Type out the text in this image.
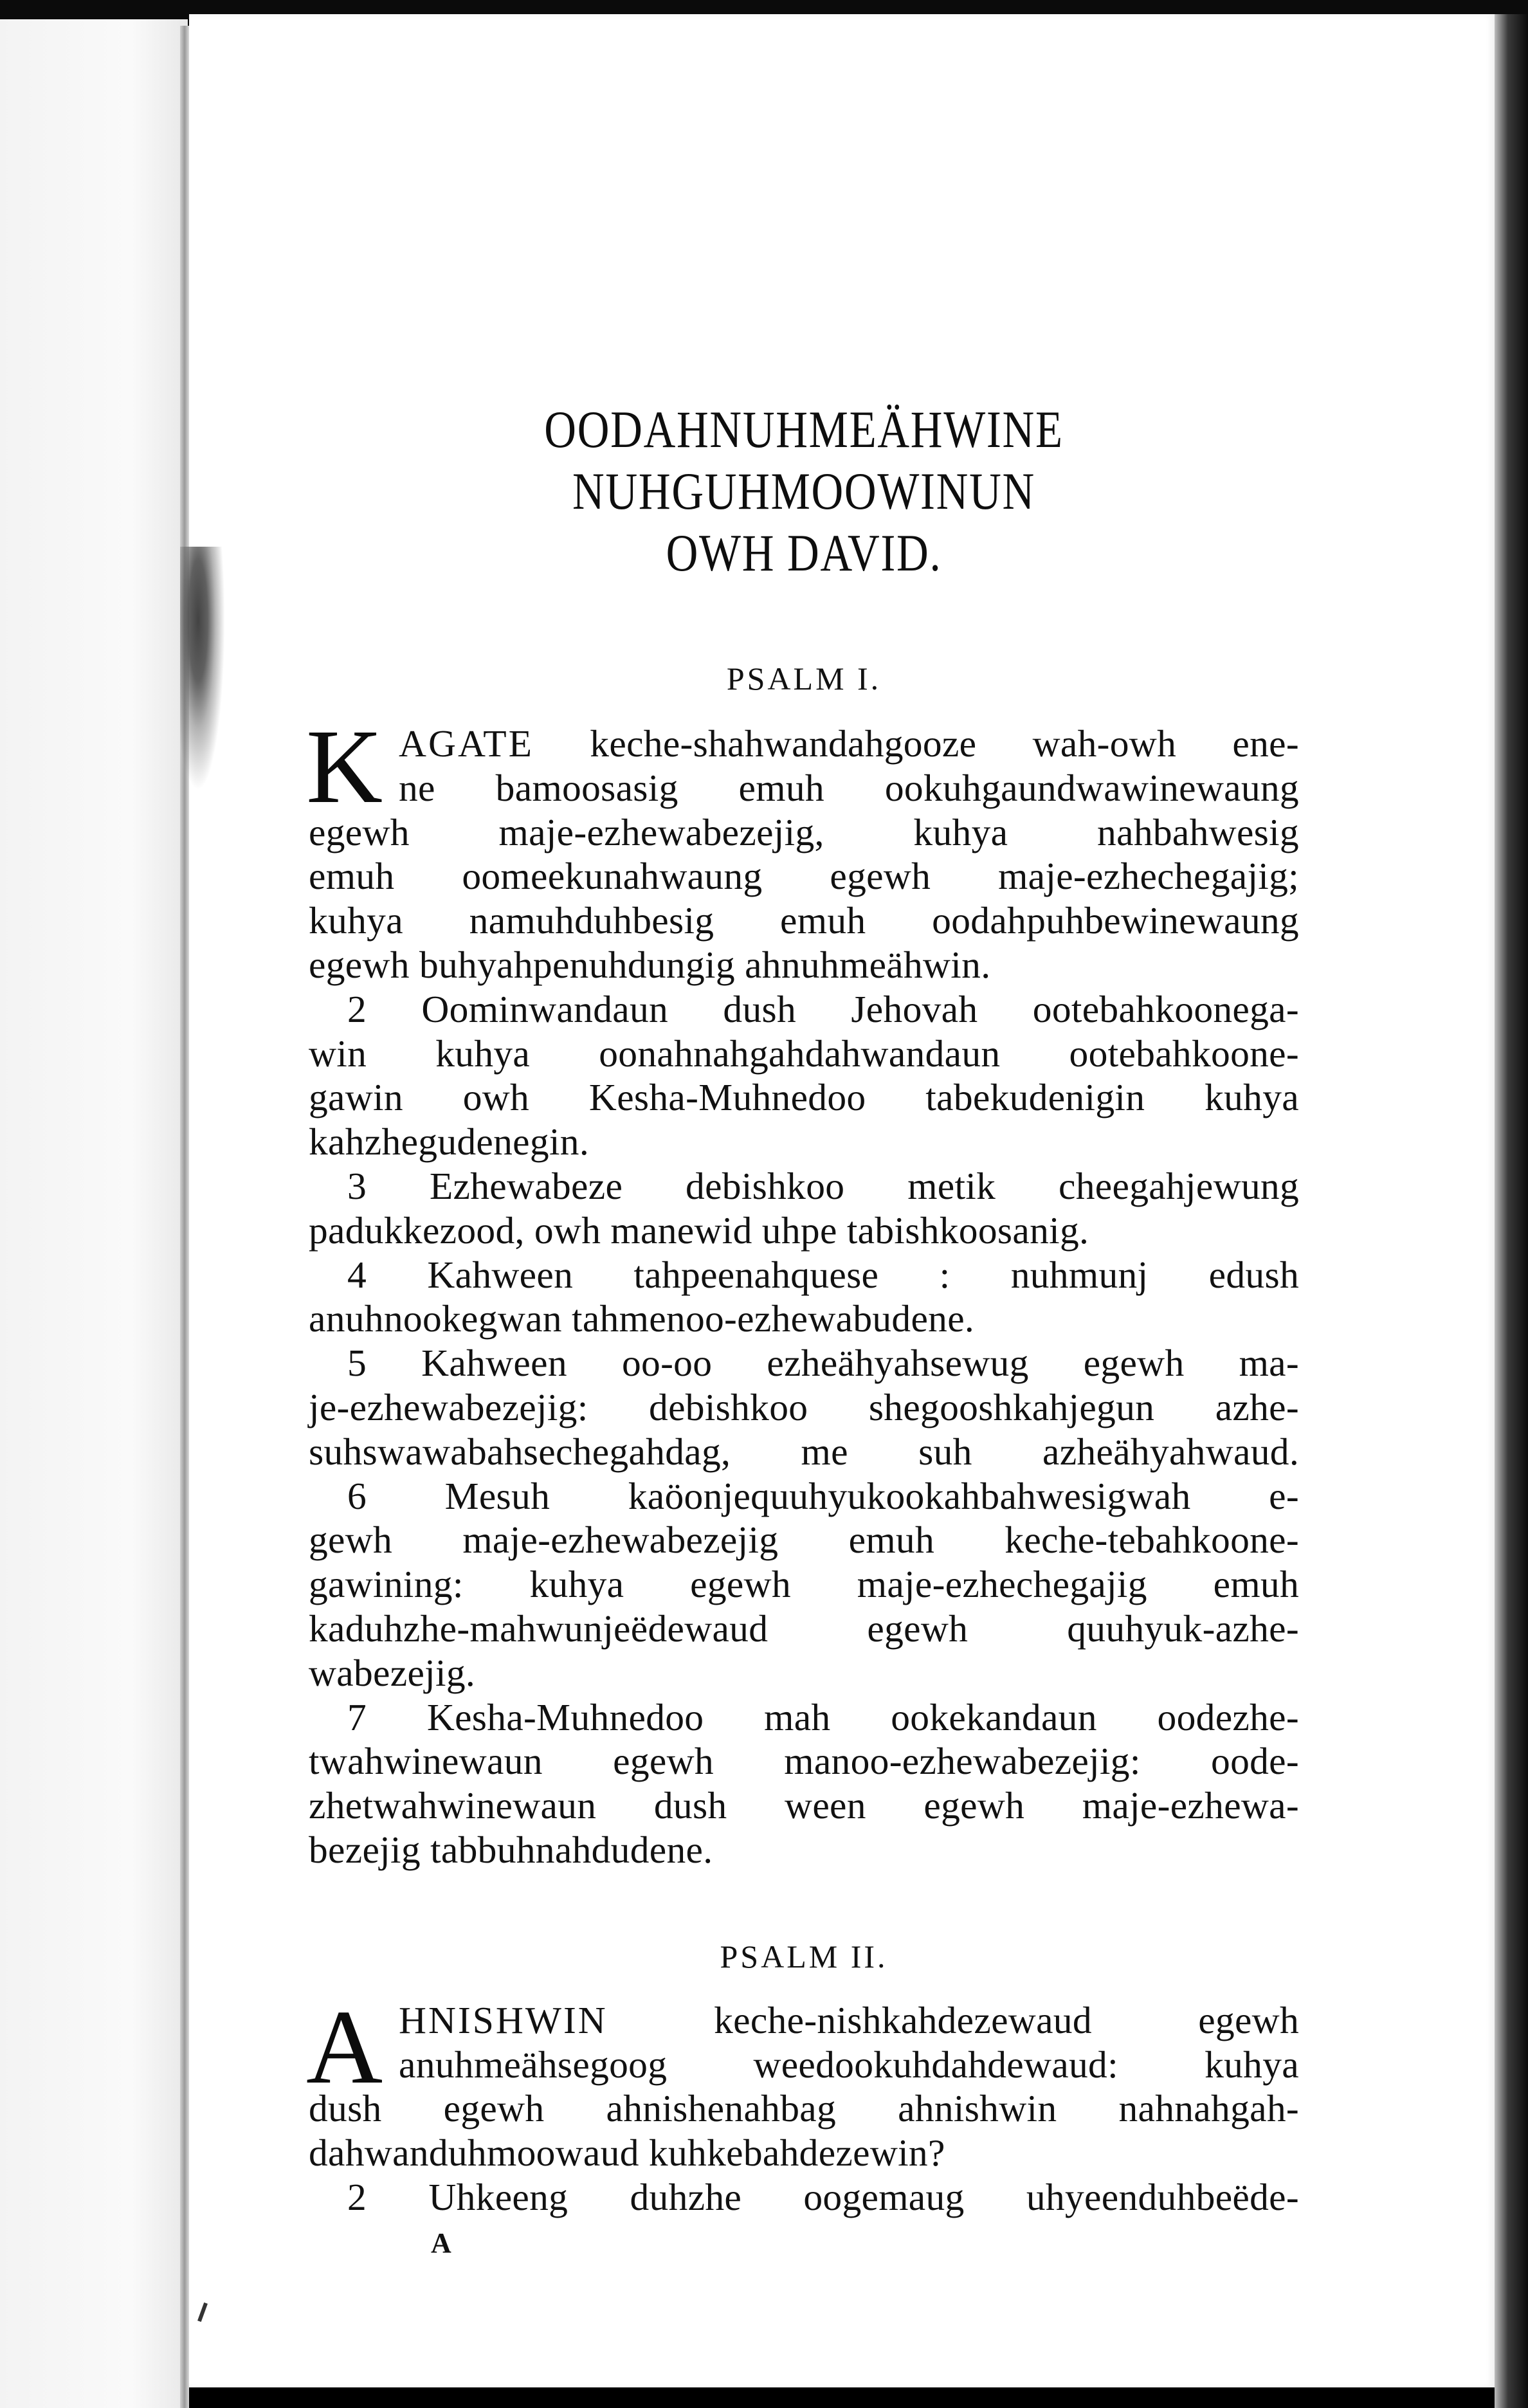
OODAHNUHMEÄHWINE NUHGUHMOOWINUN
OWH DAVID.
PSALM I.
K AGATE keche-shahwandahgooze wah-owh ene-
ne bamoosasig emuh ookuhgaundwawinewaung
egewh maje-ezhewabezejig, kuhya nahbahwesig
emuh oomeekunahwaung egewh maje-ezhechegajig;
kuhya namuhduhbesig emuh oodahpuhbewinewaung
egewh buhyahpenuhdungig ahnuhmeähwin.
2 Oominwandaun dush Jehovah ootebahkoonega-
win kuhya oonahnahgahdahwandaun ootebahkoone-
gawin owh Kesha-Muhnedoo tabekudenigin kuhya
kahzhegudenegin.
3 Ezhewabeze debishkoo metik cheegahjewung
padukkezood, owh manewid uhpe tabishkoosanig.
4 Kahween tahpeenahquese : nuhmunj edush
anuhnookegwan tahmenoo-ezhewabudene.
5 Kahween oo-oo ezheähyahsewug egewh ma-
je-ezhewabezejig: debishkoo shegooshkahjegun azhe-
suhswawabahsechegahdag, me suh azheähyahwaud.
6 Mesuh kaöonjequuhyukookahbahwesigwah e-
gewh maje-ezhewabezejig emuh keche-tebahkoone-
gawining: kuhya egewh maje-ezhechegajig emuh
kaduhzhe-mahwunjeëdewaud egewh quuhyuk-azhe-
wabezejig.
7 Kesha-Muhnedoo mah ookekandaun oodezhe-
twahwinewaun egewh manoo-ezhewabezejig: oode-
zhetwahwinewaun dush ween egewh maje-ezhewa-
bezejig tabbuhnahdudene.
PSALM II.
A HNISHWIN keche-nishkahdezewaud egewh
anuhmeähsegoog weedookuhdahdewaud: kuhya
dush egewh ahnishenahbag ahnishwin nahnahgah-
dahwanduhmoowaud kuhkebahdezewin?
2 Uhkeeng duhzhe oogemaug uhyeenduhbeëde-
A
